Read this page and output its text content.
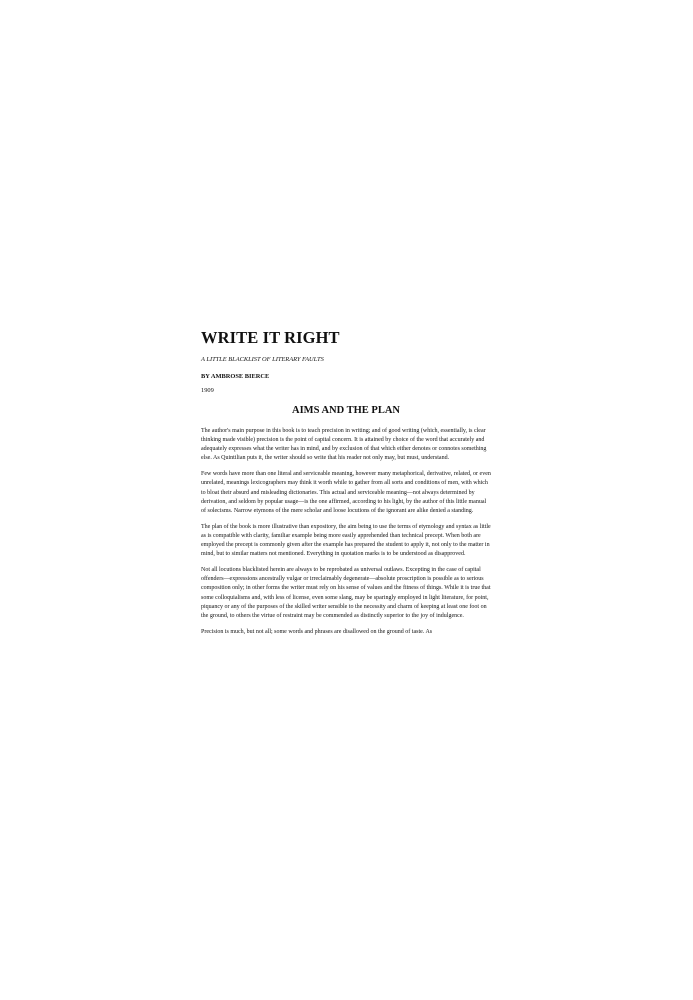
WRITE IT RIGHT
A LITTLE BLACKLIST OF LITERARY FAULTS
BY AMBROSE BIERCE
1909
AIMS AND THE PLAN

The author's main purpose in this book is to teach precision in writing; and of good writing (which, essentially, is clear thinking made visible) precision is the point of capital concern. It is attained by choice of the word that accurately and adequately expresses what the writer has in mind, and by exclusion of that which either denotes or connotes something else. As Quintilian puts it, the writer should so write that his reader not only may, but must, understand.

Few words have more than one literal and serviceable meaning, however many metaphorical, derivative, related, or even unrelated, meanings lexicographers may think it worth while to gather from all sorts and conditions of men, with which to bloat their absurd and misleading dictionaries. This actual and serviceable meaning—not always determined by derivation, and seldom by popular usage—is the one affirmed, according to his light, by the author of this little manual of solecisms. Narrow etymons of the mere scholar and loose locutions of the ignorant are alike denied a standing.

The plan of the book is more illustrative than expository, the aim being to use the terms of etymology and syntax as little as is compatible with clarity, familiar example being more easily apprehended than technical precept. When both are employed the precept is commonly given after the example has prepared the student to apply it, not only to the matter in mind, but to similar matters not mentioned. Everything in quotation marks is to be understood as disapproved.

Not all locutions blacklisted herein are always to be reprobated as universal outlaws. Excepting in the case of capital offenders—expressions ancestrally vulgar or irreclaimably degenerate—absolute proscription is possible as to serious composition only; in other forms the writer must rely on his sense of values and the fitness of things. While it is true that some colloquialisms and, with less of license, even some slang, may be sparingly employed in light literature, for point, piquancy or any of the purposes of the skilled writer sensible to the necessity and charm of keeping at least one foot on the ground, to others the virtue of restraint may be commended as distinctly superior to the joy of indulgence.

Precision is much, but not all; some words and phrases are disallowed on the ground of taste. As
